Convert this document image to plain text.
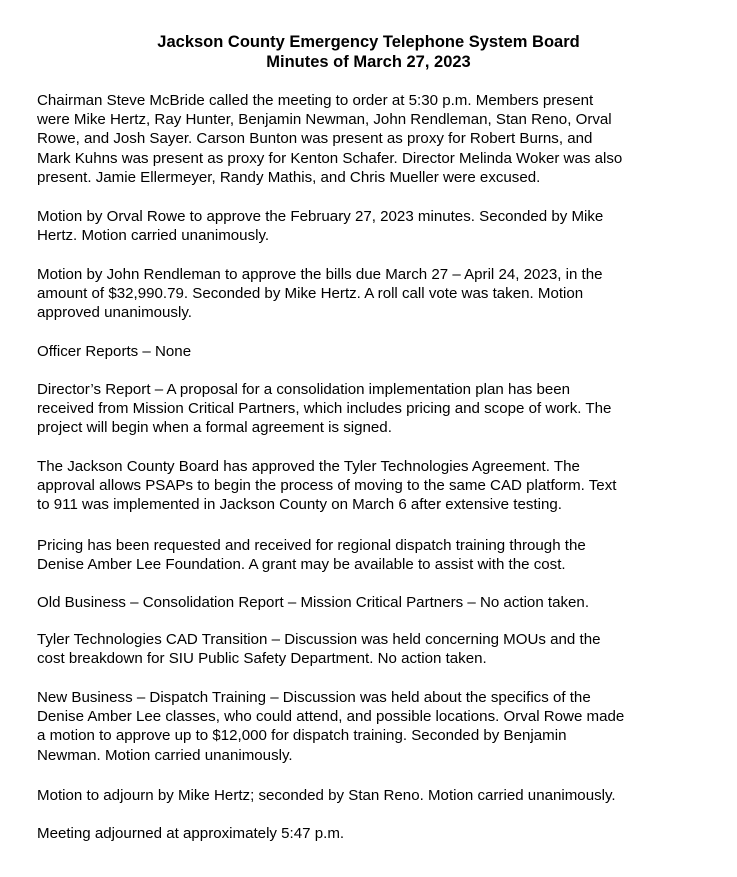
Jackson County Emergency Telephone System Board
Minutes of March 27, 2023

Chairman Steve McBride called the meeting to order at 5:30 p.m. Members present
were Mike Hertz, Ray Hunter, Benjamin Newman, John Rendleman, Stan Reno, Orval
Rowe, and Josh Sayer. Carson Bunton was present as proxy for Robert Burns, and
Mark Kuhns was present as proxy for Kenton Schafer. Director Melinda Woker was also
present. Jamie Ellermeyer, Randy Mathis, and Chris Mueller were excused.

Motion by Orval Rowe to approve the February 27, 2023 minutes. Seconded by Mike
Hertz. Motion carried unanimously.

Motion by John Rendleman to approve the bills due March 27 – April 24, 2023, in the
amount of $32,990.79. Seconded by Mike Hertz. A roll call vote was taken. Motion
approved unanimously.

Officer Reports – None

Director’s Report – A proposal for a consolidation implementation plan has been
received from Mission Critical Partners, which includes pricing and scope of work. The
project will begin when a formal agreement is signed.

The Jackson County Board has approved the Tyler Technologies Agreement. The
approval allows PSAPs to begin the process of moving to the same CAD platform. Text
to 911 was implemented in Jackson County on March 6 after extensive testing.

Pricing has been requested and received for regional dispatch training through the
Denise Amber Lee Foundation. A grant may be available to assist with the cost.

Old Business – Consolidation Report – Mission Critical Partners – No action taken.

Tyler Technologies CAD Transition – Discussion was held concerning MOUs and the
cost breakdown for SIU Public Safety Department. No action taken.

New Business – Dispatch Training – Discussion was held about the specifics of the
Denise Amber Lee classes, who could attend, and possible locations. Orval Rowe made
a motion to approve up to $12,000 for dispatch training. Seconded by Benjamin
Newman. Motion carried unanimously.

Motion to adjourn by Mike Hertz; seconded by Stan Reno. Motion carried unanimously.

Meeting adjourned at approximately 5:47 p.m.
